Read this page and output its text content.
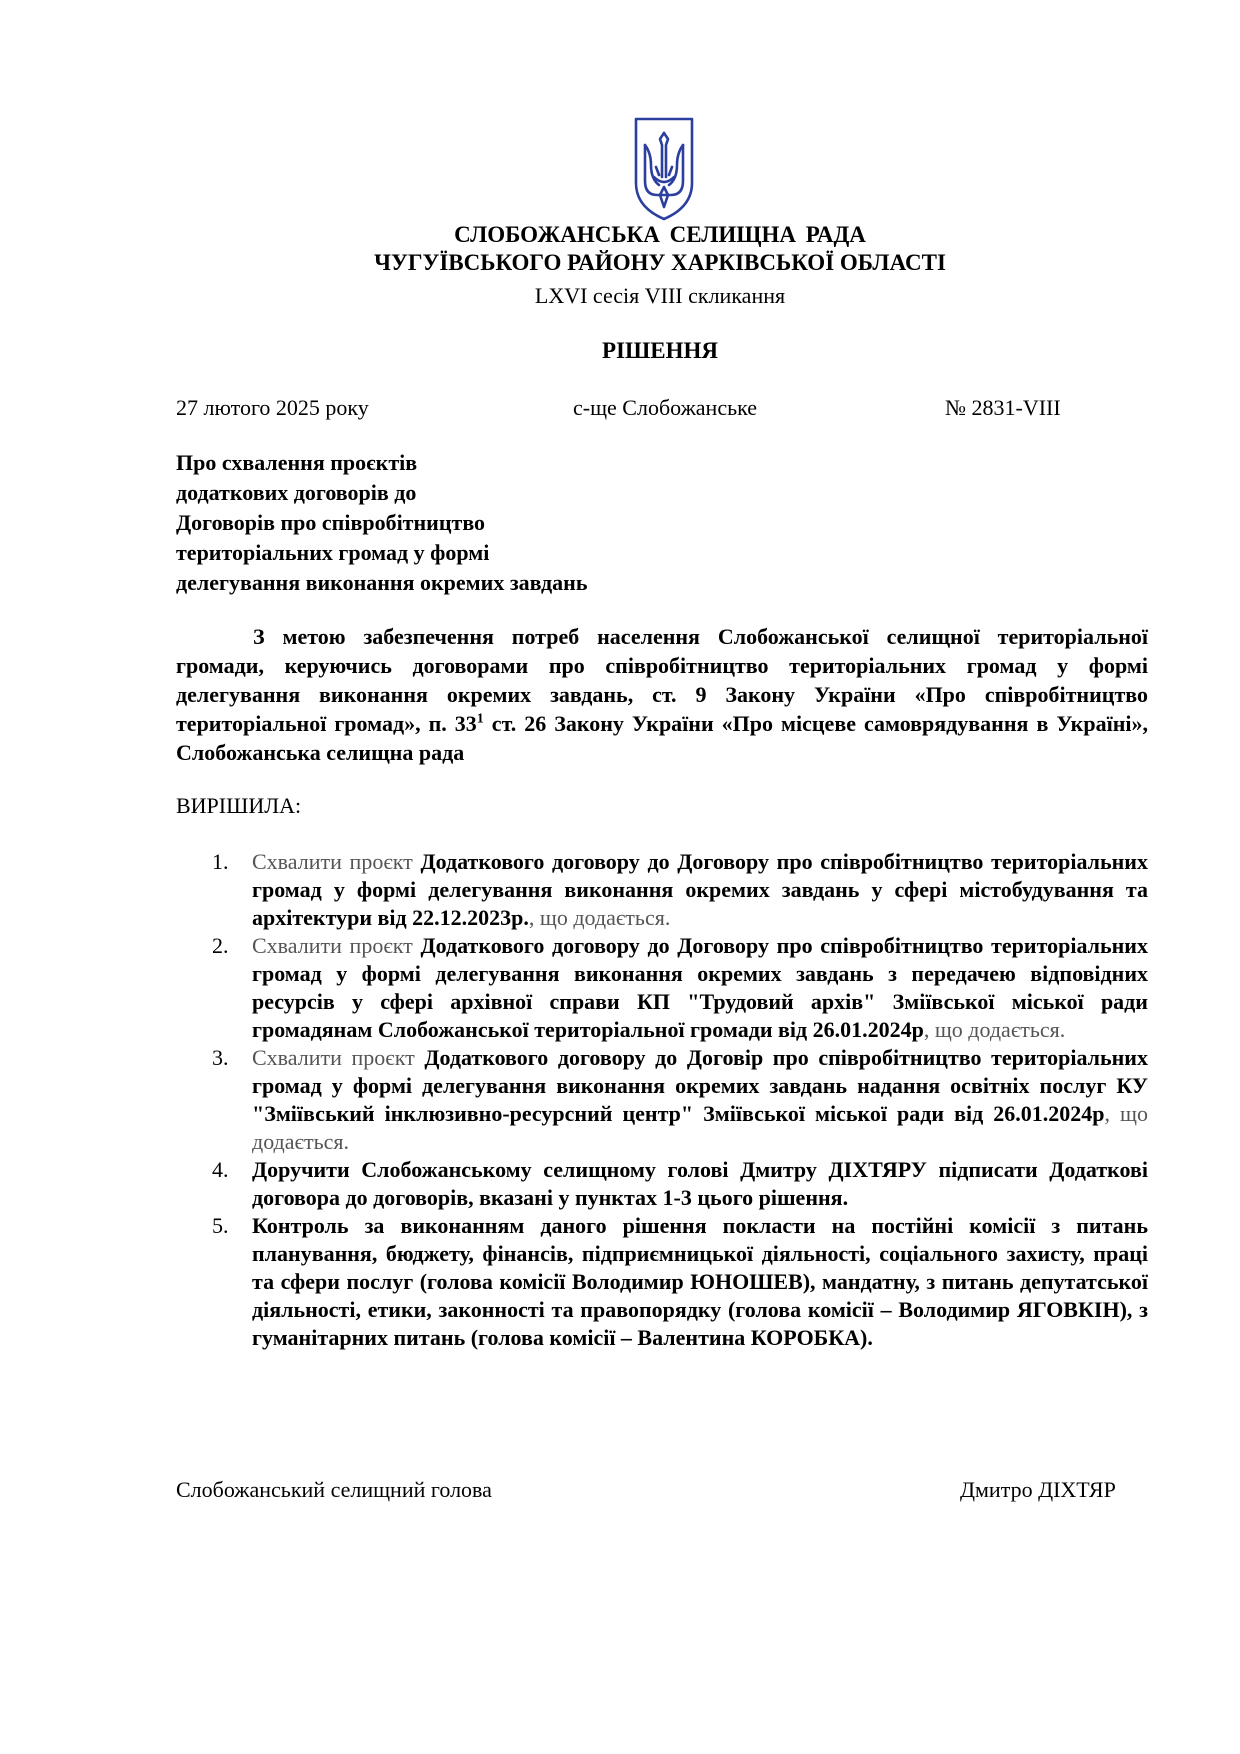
СЛОБОЖАНСЬКА СЕЛИЩНА РАДА
ЧУГУЇВСЬКОГО РАЙОНУ ХАРКІВСЬКОЇ ОБЛАСТІ
LXVI сесія VIII скликання
РІШЕННЯ
27 лютого 2025 року	с-ще Слобожанське	№ 2831-VIII
Про схвалення проєктів
додаткових договорів до
Договорів про співробітництво
територіальних громад у формі
делегування виконання окремих завдань
З метою забезпечення потреб населення Слобожанської селищної територіальної громади, керуючись договорами про співробітництво територіальних громад у формі делегування виконання окремих завдань, ст. 9 Закону України «Про співробітництво територіальної громад», п. $33^1$ ст. 26 Закону України «Про місцеве самоврядування в Україні», Слобожанська селищна рада
ВИРІШИЛА:
1. Схвалити проєкт Додаткового договору до Договору про співробітництво територіальних громад у формі делегування виконання окремих завдань у сфері містобудування та архітектури від 22.12.2023р., що додається.
2. Схвалити проєкт Додаткового договору до Договору про співробітництво територіальних громад у формі делегування виконання окремих завдань з передачею відповідних ресурсів у сфері архівної справи КП "Трудовий архів" Зміївської міської ради громадянам Слобожанської територіальної громади від 26.01.2024р, що додається.
3. Схвалити проєкт Додаткового договору до Договір про співробітництво територіальних громад у формі делегування виконання окремих завдань надання освітніх послуг КУ "Зміївський інклюзивно-ресурсний центр" Зміївської міської ради від 26.01.2024р, що додається.
4. Доручити Слобожанському селищному голові Дмитру ДІХТЯРУ підписати Додаткові договора до договорів, вказані у пунктах 1-3 цього рішення.
5. Контроль за виконанням даного рішення покласти на постійні комісії з питань планування, бюджету, фінансів, підприємницької діяльності, соціального захисту, праці та сфери послуг (голова комісії Володимир ЮНОШЕВ), мандатну, з питань депутатської діяльності, етики, законності та правопорядку (голова комісії – Володимир ЯГОВКІН), з гуманітарних питань (голова комісії – Валентина КОРОБКА).
Слобожанський селищний голова	Дмитро ДІХТЯР
